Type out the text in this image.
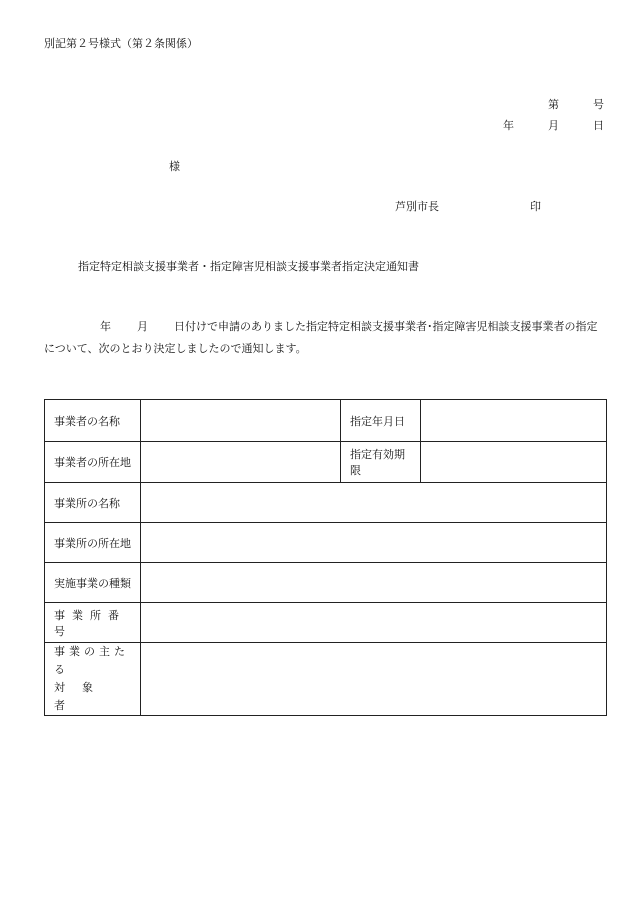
別記第２号様式（第２条関係）
第	号
年	月	日
様
芦別市長	印
指定特定相談支援事業者・指定障害児相談支援事業者指定決定通知書
年 月 日付けで申請のありました指定特定相談支援事業者･指定障害児相談支援事業者の指定
について、次のとおり決定しましたので通知します。
事業者の名称		指定年月日	
事業者の所在地		指定有効期限	
事業所の名称			
事業所の所在地			
実施事業の種類			
事業所番号			

事業の主たる
対象者			
